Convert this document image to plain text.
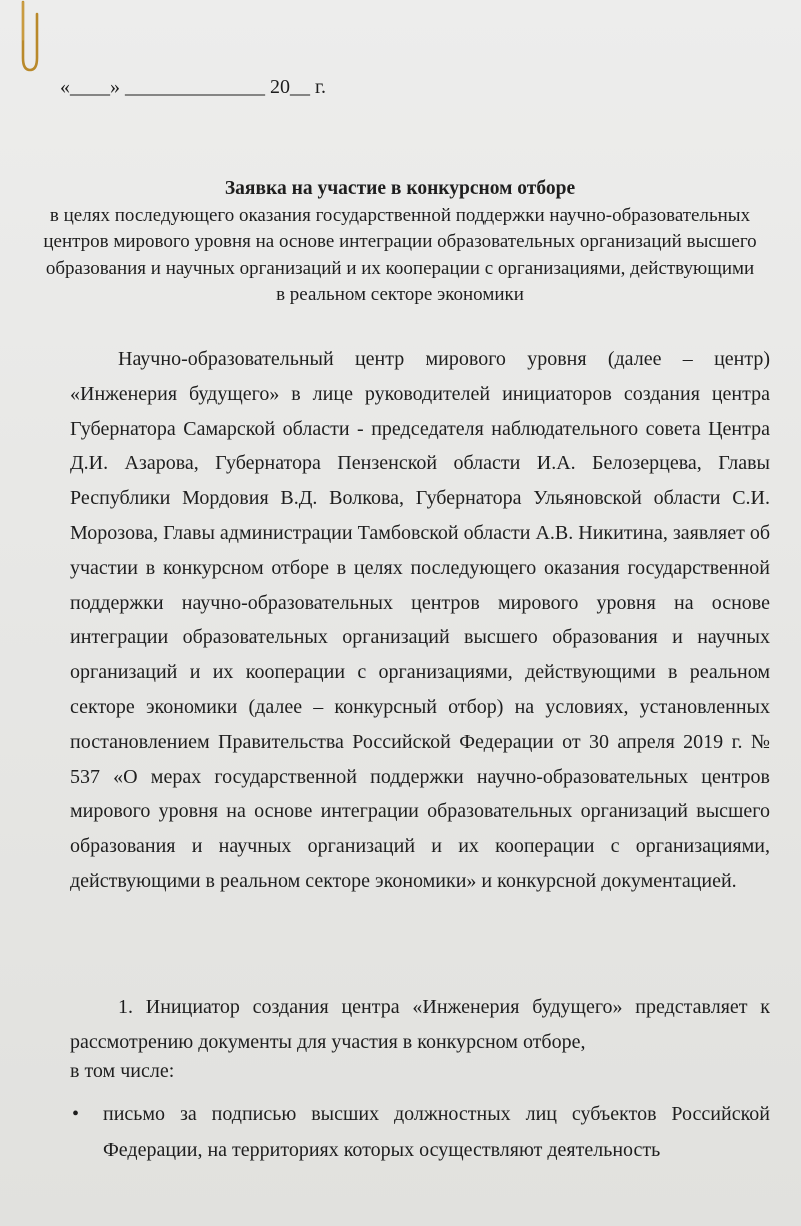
«____» ______________ 20__ г.
Заявка на участие в конкурсном отборе
в целях последующего оказания государственной поддержки научно-образовательных центров мирового уровня на основе интеграции образовательных организаций высшего образования и научных организаций и их кооперации с организациями, действующими в реальном секторе экономики

Научно-образовательный центр мирового уровня (далее – центр) «Инженерия будущего» в лице руководителей инициаторов создания центра Губернатора Самарской области - председателя наблюдательного совета Центра Д.И. Азарова, Губернатора Пензенской области И.А. Белозерцева, Главы Республики Мордовия В.Д. Волкова, Губернатора Ульяновской области С.И. Морозова, Главы администрации Тамбовской области А.В. Никитина, заявляет об участии в конкурсном отборе в целях последующего оказания государственной поддержки научно-образовательных центров мирового уровня на основе интеграции образовательных организаций высшего образования и научных организаций и их кооперации с организациями, действующими в реальном секторе экономики (далее – конкурсный отбор) на условиях, установленных постановлением Правительства Российской Федерации от 30 апреля 2019 г. № 537 «О мерах государственной поддержки научно-образовательных центров мирового уровня на основе интеграции образовательных организаций высшего образования и научных организаций и их кооперации с организациями, действующими в реальном секторе экономики» и конкурсной документацией.

1. Инициатор создания центра «Инженерия будущего» представляет к рассмотрению документы для участия в конкурсном отборе,

в том числе:
• письмо за подписью высших должностных лиц субъектов Российской Федерации, на территориях которых осуществляют деятельность
